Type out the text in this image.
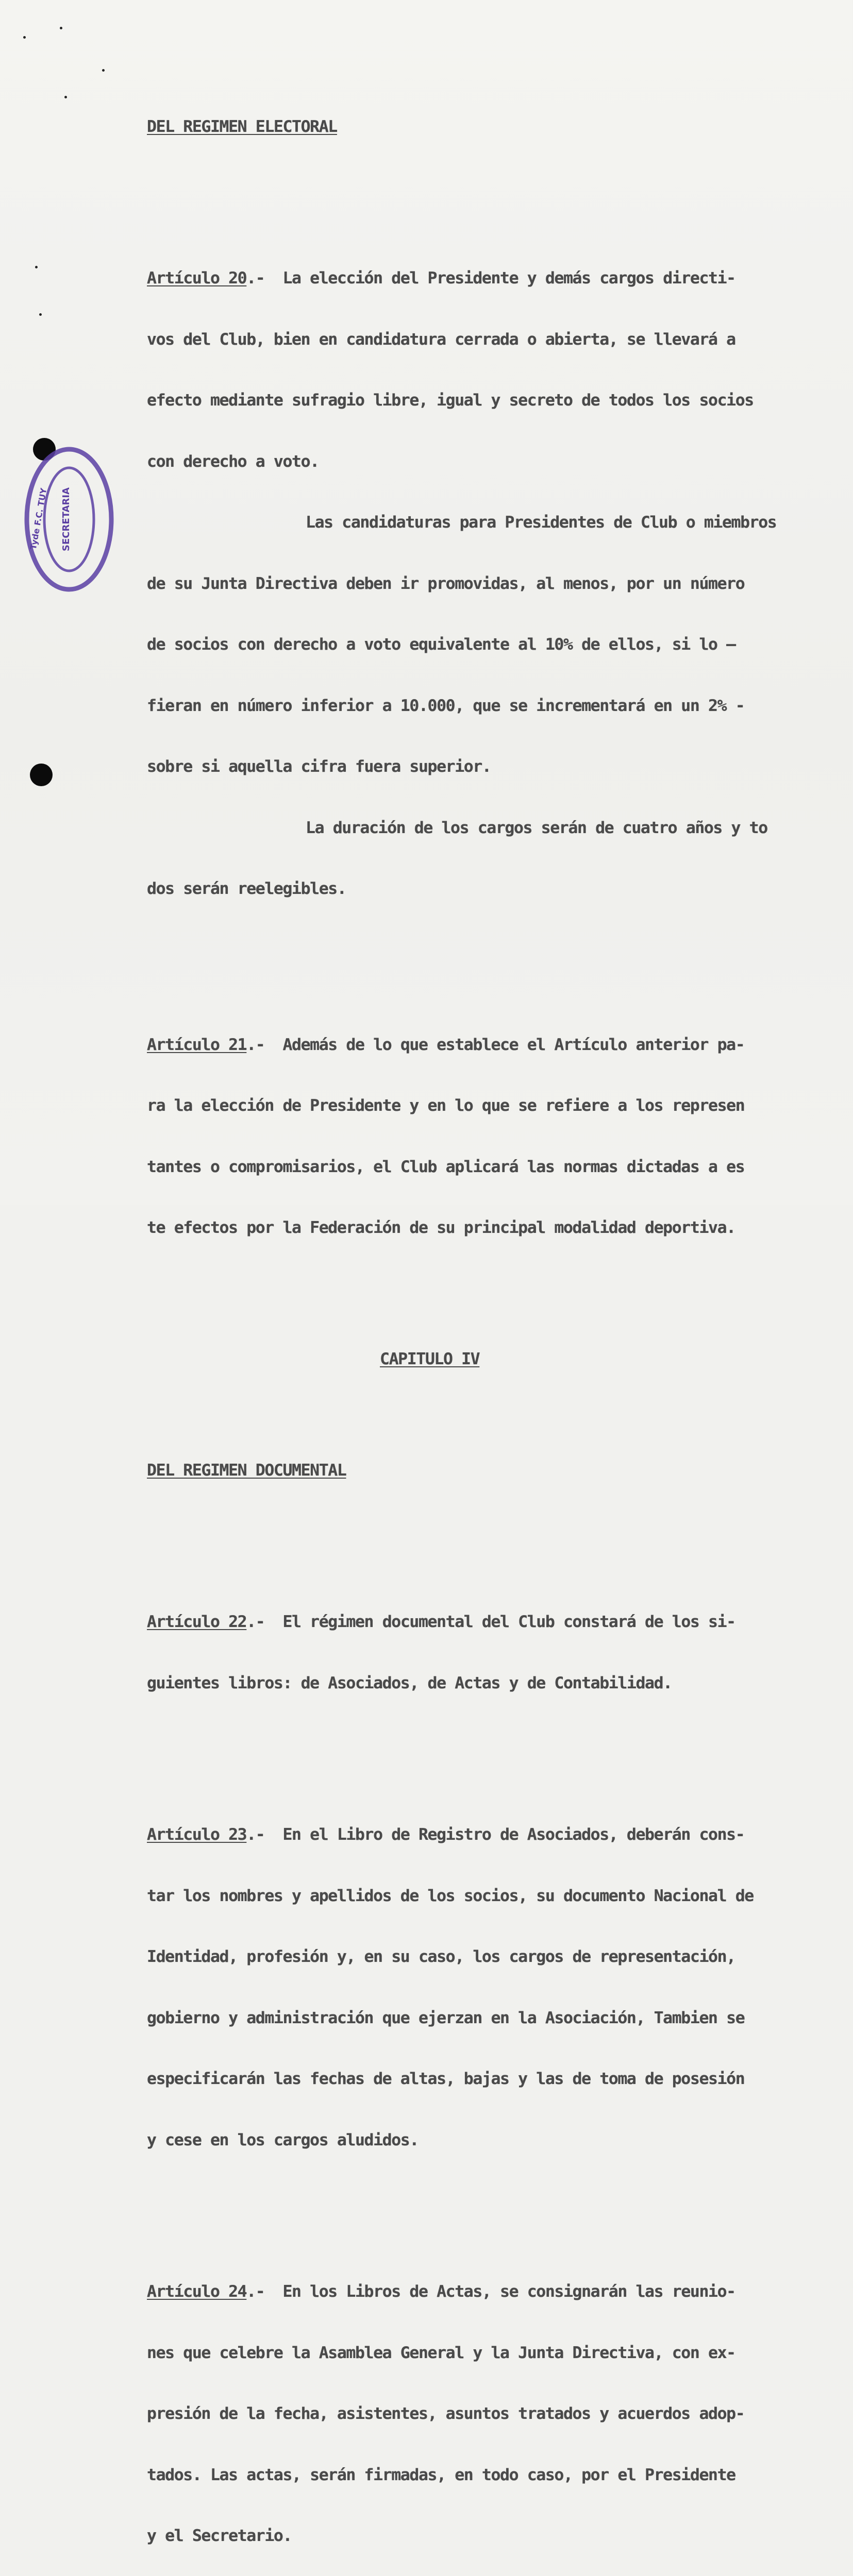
SECRETARIA
Tyde F.C. TUY

DEL REGIMEN ELECTORAL

Artículo 20.-  La elección del Presidente y demás cargos directi-

vos del Club, bien en candidatura cerrada o abierta, se llevará a

efecto mediante sufragio libre, igual y secreto de todos los socios

con derecho a voto.

Las candidaturas para Presidentes de Club o miembros

de su Junta Directiva deben ir promovidas, al menos, por un número

de socios con derecho a voto equivalente al 10% de ellos, si lo —

fieran en número inferior a 10.000, que se incrementará en un 2% -

sobre si aquella cifra fuera superior.

La duración de los cargos serán de cuatro años y to

dos serán reelegibles.

Artículo 21.-  Además de lo que establece el Artículo anterior pa-

ra la elección de Presidente y en lo que se refiere a los represen

tantes o compromisarios, el Club aplicará las normas dictadas a es

te efectos por la Federación de su principal modalidad deportiva.

CAPITULO IV

DEL REGIMEN DOCUMENTAL

Artículo 22.-  El régimen documental del Club constará de los si-

guientes libros: de Asociados, de Actas y de Contabilidad.

Artículo 23.-  En el Libro de Registro de Asociados, deberán cons-

tar los nombres y apellidos de los socios, su documento Nacional de

Identidad, profesión y, en su caso, los cargos de representación,

gobierno y administración que ejerzan en la Asociación, Tambien se

especificarán las fechas de altas, bajas y las de toma de posesión

y cese en los cargos aludidos.

Artículo 24.-  En los Libros de Actas, se consignarán las reunio-

nes que celebre la Asamblea General y la Junta Directiva, con ex-

presión de la fecha, asistentes, asuntos tratados y acuerdos adop-

tados. Las actas, serán firmadas, en todo caso, por el Presidente

y el Secretario.
